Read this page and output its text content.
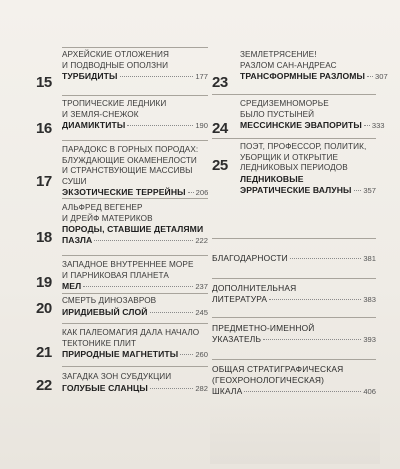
15
АРХЕЙСКИЕ ОТЛОЖЕНИЯ
И ПОДВОДНЫЕ ОПОЛЗНИ
ТУРБИДИТЫ	177
16
ТРОПИЧЕСКИЕ ЛЕДНИКИ
И ЗЕМЛЯ-СНЕЖОК
ДИАМИКТИТЫ	190
17
ПАРАДОКС В ГОРНЫХ ПОРОДАХ:
БЛУЖДАЮЩИЕ ОКАМЕНЕЛОСТИ
И СТРАНСТВУЮЩИЕ МАССИВЫ СУШИ
ЭКЗОТИЧЕСКИЕ ТЕРРЕЙНЫ 206
18
АЛЬФРЕД ВЕГЕНЕР
И ДРЕЙФ МАТЕРИКОВ
ПОРОДЫ, СТАВШИЕ ДЕТАЛЯМИ
ПАЗЛА	222
19
ЗАПАДНОЕ ВНУТРЕННЕЕ МОРЕ
И ПАРНИКОВАЯ ПЛАНЕТА
МЕЛ	237
20	СМЕРТЬ ДИНОЗАВРОВ
ИРИДИЕВЫЙ СЛОЙ	245
21
КАК ПАЛЕОМАГИЯ ДАЛА НАЧАЛО
ТЕКТОНИКЕ ПЛИТ
ПРИРОДНЫЕ МАГНЕТИТЫ 260
22
ЗАГАДКА ЗОН СУБДУКЦИИ
ГОЛУБЫЕ СЛАНЦЫ	282
23
ЗЕМЛЕТРЯСЕНИЕ!
РАЗЛОМ САН-АНДРЕАС
ТРАНСФОРМНЫЕ РАЗЛОМЫ 307
24
СРЕДИЗЕМНОМОРЬЕ
БЫЛО ПУСТЫНЕЙ
МЕССИНСКИЕ ЭВАПОРИТЫ 333
25
ПОЭТ, ПРОФЕССОР, ПОЛИТИК,
УБОРЩИК И ОТКРЫТИЕ
ЛЕДНИКОВЫХ ПЕРИОДОВ
ЛЕДНИКОВЫЕ
ЭРРАТИЧЕСКИЕ ВАЛУНЫ 357
БЛАГОДАРНОСТИ	381
ДОПОЛНИТЕЛЬНАЯ
ЛИТЕРАТУРА	383
ПРЕДМЕТНО-ИМЕННОЙ
УКАЗАТЕЛЬ	393
ОБЩАЯ СТРАТИГРАФИЧЕСКАЯ
(ГЕОХРОНОЛОГИЧЕСКАЯ)
ШКАЛА	406
